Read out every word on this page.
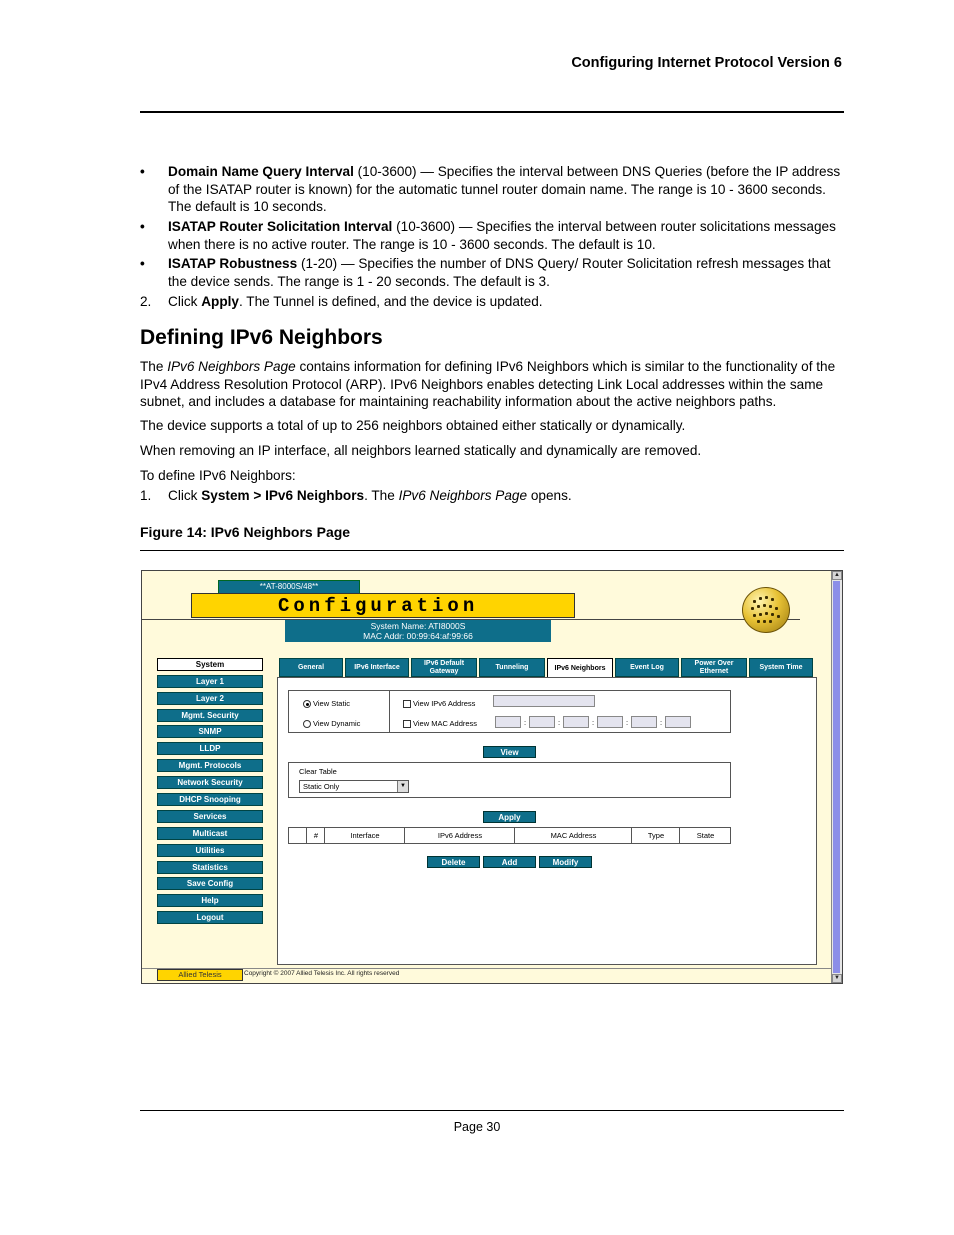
Configuring Internet Protocol Version 6
• Domain Name Query Interval (10-3600) — Specifies the interval between DNS Queries (before the IP address of the ISATAP router is known) for the automatic tunnel router domain name. The range is 10 - 3600 seconds. The default is 10 seconds.
• ISATAP Router Solicitation Interval (10-3600) — Specifies the interval between router solicitations messages when there is no active router. The range is 10 - 3600 seconds. The default is 10.
• ISATAP Robustness (1-20) — Specifies the number of DNS Query/ Router Solicitation refresh messages that the device sends. The range is 1 - 20 seconds. The default is 3.
2. Click Apply. The Tunnel is defined, and the device is updated.
Defining IPv6 Neighbors
The IPv6 Neighbors Page contains information for defining IPv6 Neighbors which is similar to the functionality of the IPv4 Address Resolution Protocol (ARP). IPv6 Neighbors enables detecting Link Local addresses within the same subnet, and includes a database for maintaining reachability information about the active neighbors paths.
The device supports a total of up to 256 neighbors obtained either statically or dynamically.
When removing an IP interface, all neighbors learned statically and dynamically are removed.
To define IPv6 Neighbors:
1. Click System > IPv6 Neighbors. The IPv6 Neighbors Page opens.
Figure 14: IPv6 Neighbors Page
**AT-8000S/48**
Configuration
System Name: ATI8000S
MAC Addr: 00:99:64:af:99:66
System
Layer 1
Layer 2
Mgmt. Security
SNMP
LLDP
Mgmt. Protocols
Network Security
DHCP Snooping
Services
Multicast
Utilities
Statistics
Save Config
Help
Logout
General	IPv6 Interface
IPv6 Default Gateway
Tunneling	IPv6 Neighbors	Event Log
Power Over Ethernet
System Time
View Static
View Dynamic
View IPv6 Address
View MAC Address	:	:	:	:	:
View
Clear Table
Static Only	▼
Apply
#	Interface	IPv6 Address	MAC Address	Type	State
Delete	Add	Modify
Allied Telesis	Copyright © 2007 Allied Telesis Inc. All rights reserved
▲
▼
Page 30
